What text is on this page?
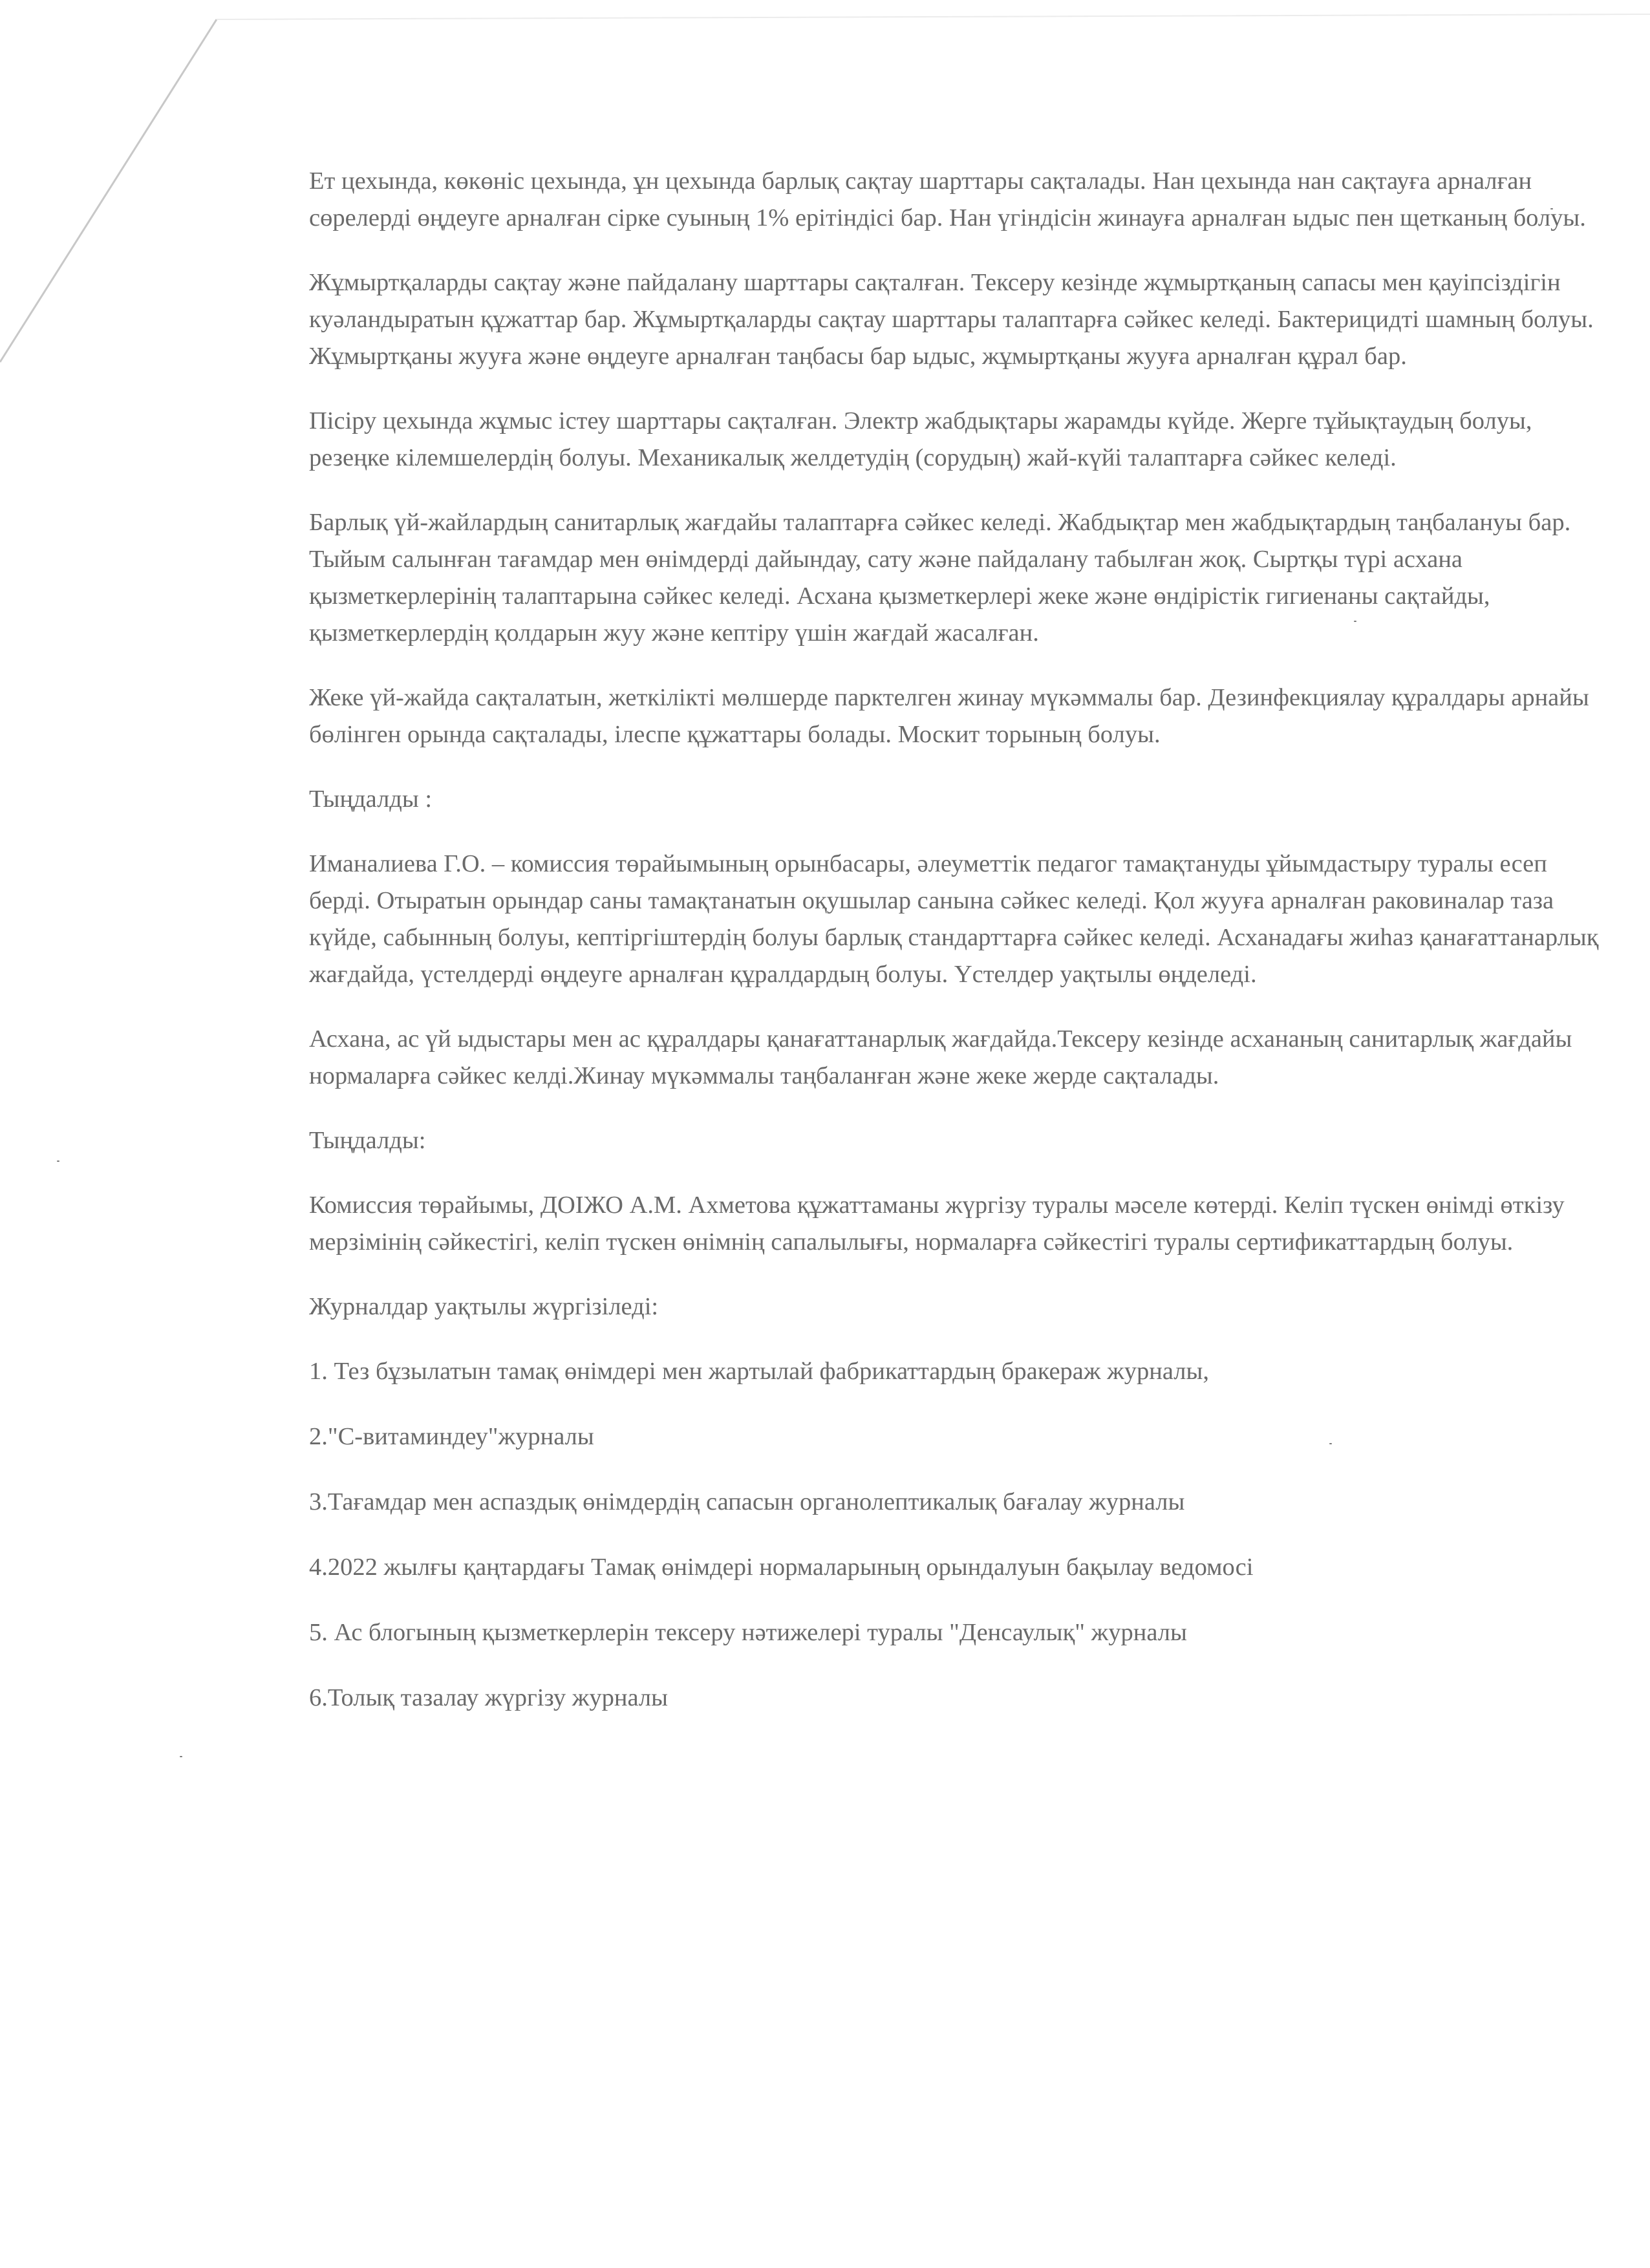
Ет цехында, көкөніс цехында, ұн цехында барлық сақтау шарттары сақталады. Нан цехында нан сақтауға арналған сөрелерді өңдеуге арналған сірке суының 1% ерітіндісі бар. Нан үгіндісін жинауға арналған ыдыс пен щетканың болуы.

Жұмыртқаларды сақтау және пайдалану шарттары сақталған. Тексеру кезінде жұмыртқаның сапасы мен қауіпсіздігін куәландыратын құжаттар бар. Жұмыртқаларды сақтау шарттары талаптарға сәйкес келеді. Бактерицидті шамның болуы. Жұмыртқаны жууға және өңдеуге арналған таңбасы бар ыдыс, жұмыртқаны жууға арналған құрал бар.

Пісіру цехында жұмыс істеу шарттары сақталған. Электр жабдықтары жарамды күйде. Жерге тұйықтаудың болуы, резеңке кілемшелердің болуы. Механикалық желдетудің (сорудың) жай-күйі талаптарға сәйкес келеді.

Барлық үй-жайлардың санитарлық жағдайы талаптарға сәйкес келеді. Жабдықтар мен жабдықтардың таңбалануы бар. Тыйым салынған тағамдар мен өнімдерді дайындау, сату және пайдалану табылған жоқ. Сыртқы түрі асхана қызметкерлерінің талаптарына сәйкес келеді. Асхана қызметкерлері жеке және өндірістік гигиенаны сақтайды, қызметкерлердің қолдарын жуу және кептіру үшін жағдай жасалған.

Жеке үй-жайда сақталатын, жеткілікті мөлшерде парктелген жинау мүкәммалы бар. Дезинфекциялау құралдары арнайы бөлінген орында сақталады, ілеспе құжаттары болады. Москит торының болуы.

Тыңдалды :

Иманалиева Г.О. – комиссия төрайымының орынбасары, әлеуметтік педагог тамақтануды ұйымдастыру туралы есеп берді. Отыратын орындар саны тамақтанатын оқушылар санына сәйкес келеді. Қол жууға арналған раковиналар таза күйде, сабынның болуы, кептіргіштердің болуы барлық стандарттарға сәйкес келеді. Асханадағы жиһаз қанағаттанарлық жағдайда, үстелдерді өңдеуге арналған құралдардың болуы. Үстелдер уақтылы өңделеді.

Асхана, ас үй ыдыстары мен ас құралдары қанағаттанарлық жағдайда.Тексеру кезінде асхананың санитарлық жағдайы нормаларға сәйкес келді.Жинау мүкәммалы таңбаланған және жеке жерде сақталады.

Тыңдалды:

Комиссия төрайымы, ДОІЖО А.М. Ахметова құжаттаманы жүргізу туралы мәселе көтерді. Келіп түскен өнімді өткізу мерзімінің сәйкестігі, келіп түскен өнімнің сапалылығы, нормаларға сәйкестігі туралы сертификаттардың болуы.

Журналдар уақтылы жүргізіледі:

1. Тез бұзылатын тамақ өнімдері мен жартылай фабрикаттардың бракераж журналы,

2."С-витаминдеу"журналы

3.Тағамдар мен аспаздық өнімдердің сапасын органолептикалық бағалау журналы

4.2022 жылғы қаңтардағы Тамақ өнімдері нормаларының орындалуын бақылау ведомосі

5. Ас блогының қызметкерлерін тексеру нәтижелері туралы "Денсаулық" журналы

6.Толық тазалау жүргізу журналы
